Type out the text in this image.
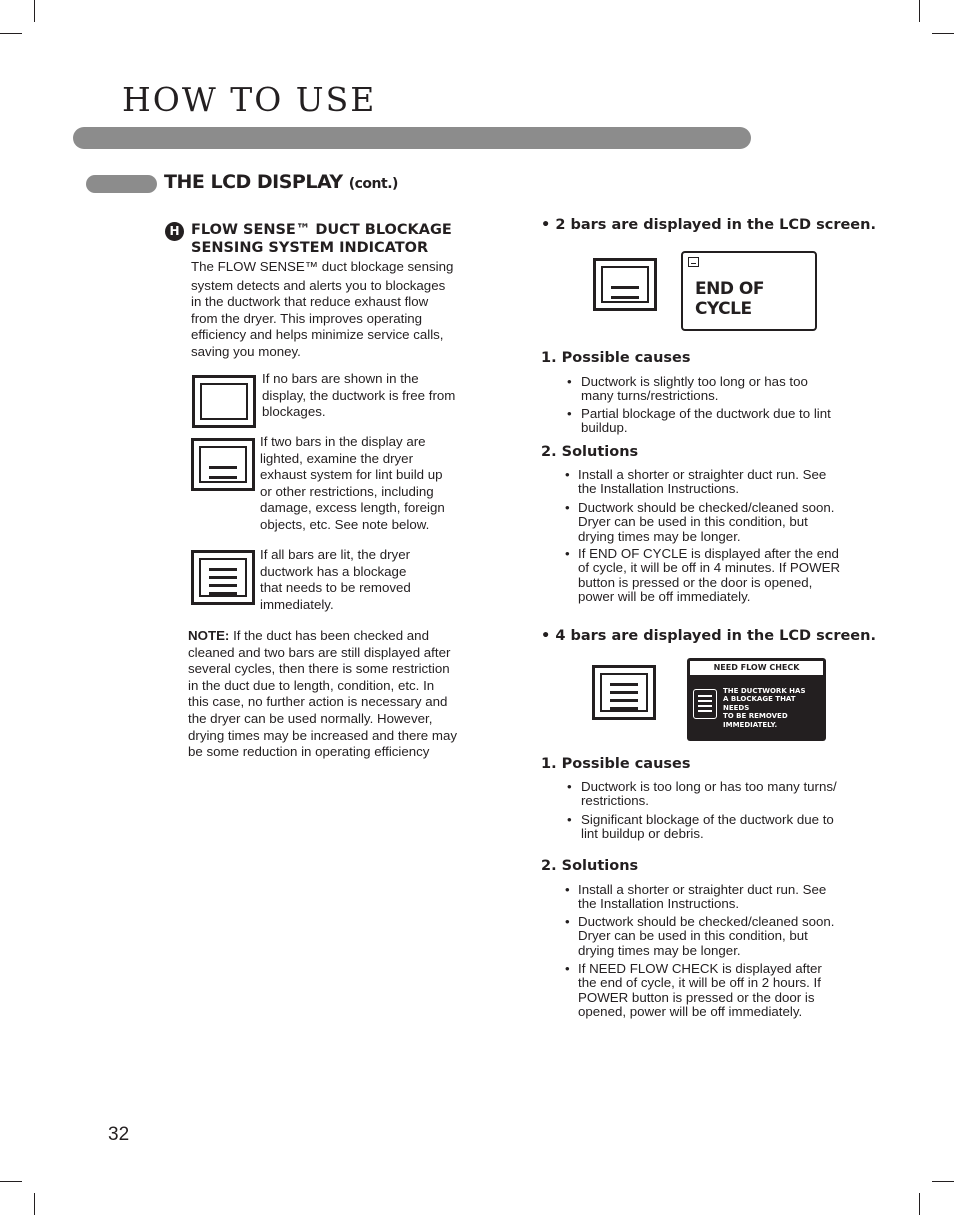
HOW TO USE
THE LCD DISPLAY (cont.)
H FLOW SENSE™ DUCT BLOCKAGE
SENSING SYSTEM INDICATOR
The FLOW SENSE™ duct blockage sensing
system detects and alerts you to blockages
in the ductwork that reduce exhaust flow
from the dryer. This improves operating
efficiency and helps minimize service calls,
saving you money.
If no bars are shown in the
display, the ductwork is free from
blockages.
If two bars in the display are
lighted, examine the dryer
exhaust system for lint build up
or other restrictions, including
damage, excess length, foreign
objects, etc. See note below.
If all bars are lit, the dryer
ductwork has a blockage
that needs to be removed
immediately.
NOTE: If the duct has been checked and
cleaned and two bars are still displayed after
several cycles, then there is some restriction
in the duct due to length, condition, etc. In
this case, no further action is necessary and
the dryer can be used normally. However,
drying times may be increased and there may
be some reduction in operating efficiency
• 2 bars are displayed in the LCD screen.
END OF CYCLE
1. Possible causes
• Ductwork is slightly too long or has too
many turns/restrictions.
• Partial blockage of the ductwork due to lint
buildup.
2. Solutions
• Install a shorter or straighter duct run. See
the Installation Instructions.
• Ductwork should be checked/cleaned soon.
Dryer can be used in this condition, but
drying times may be longer.
• If END OF CYCLE is displayed after the end
of cycle, it will be off in 4 minutes. If POWER
button is pressed or the door is opened,
power will be off immediately.
• 4 bars are displayed in the LCD screen.
NEED FLOW CHECK
THE DUCTWORK HAS
A BLOCKAGE THAT NEEDS
TO BE REMOVED
IMMEDIATELY.
1. Possible causes
• Ductwork is too long or has too many turns/
restrictions.
• Significant blockage of the ductwork due to
lint buildup or debris.
2. Solutions
• Install a shorter or straighter duct run. See
the Installation Instructions.
• Ductwork should be checked/cleaned soon.
Dryer can be used in this condition, but
drying times may be longer.
• If NEED FLOW CHECK is displayed after
the end of cycle, it will be off in 2 hours. If
POWER button is pressed or the door is
opened, power will be off immediately.
32
